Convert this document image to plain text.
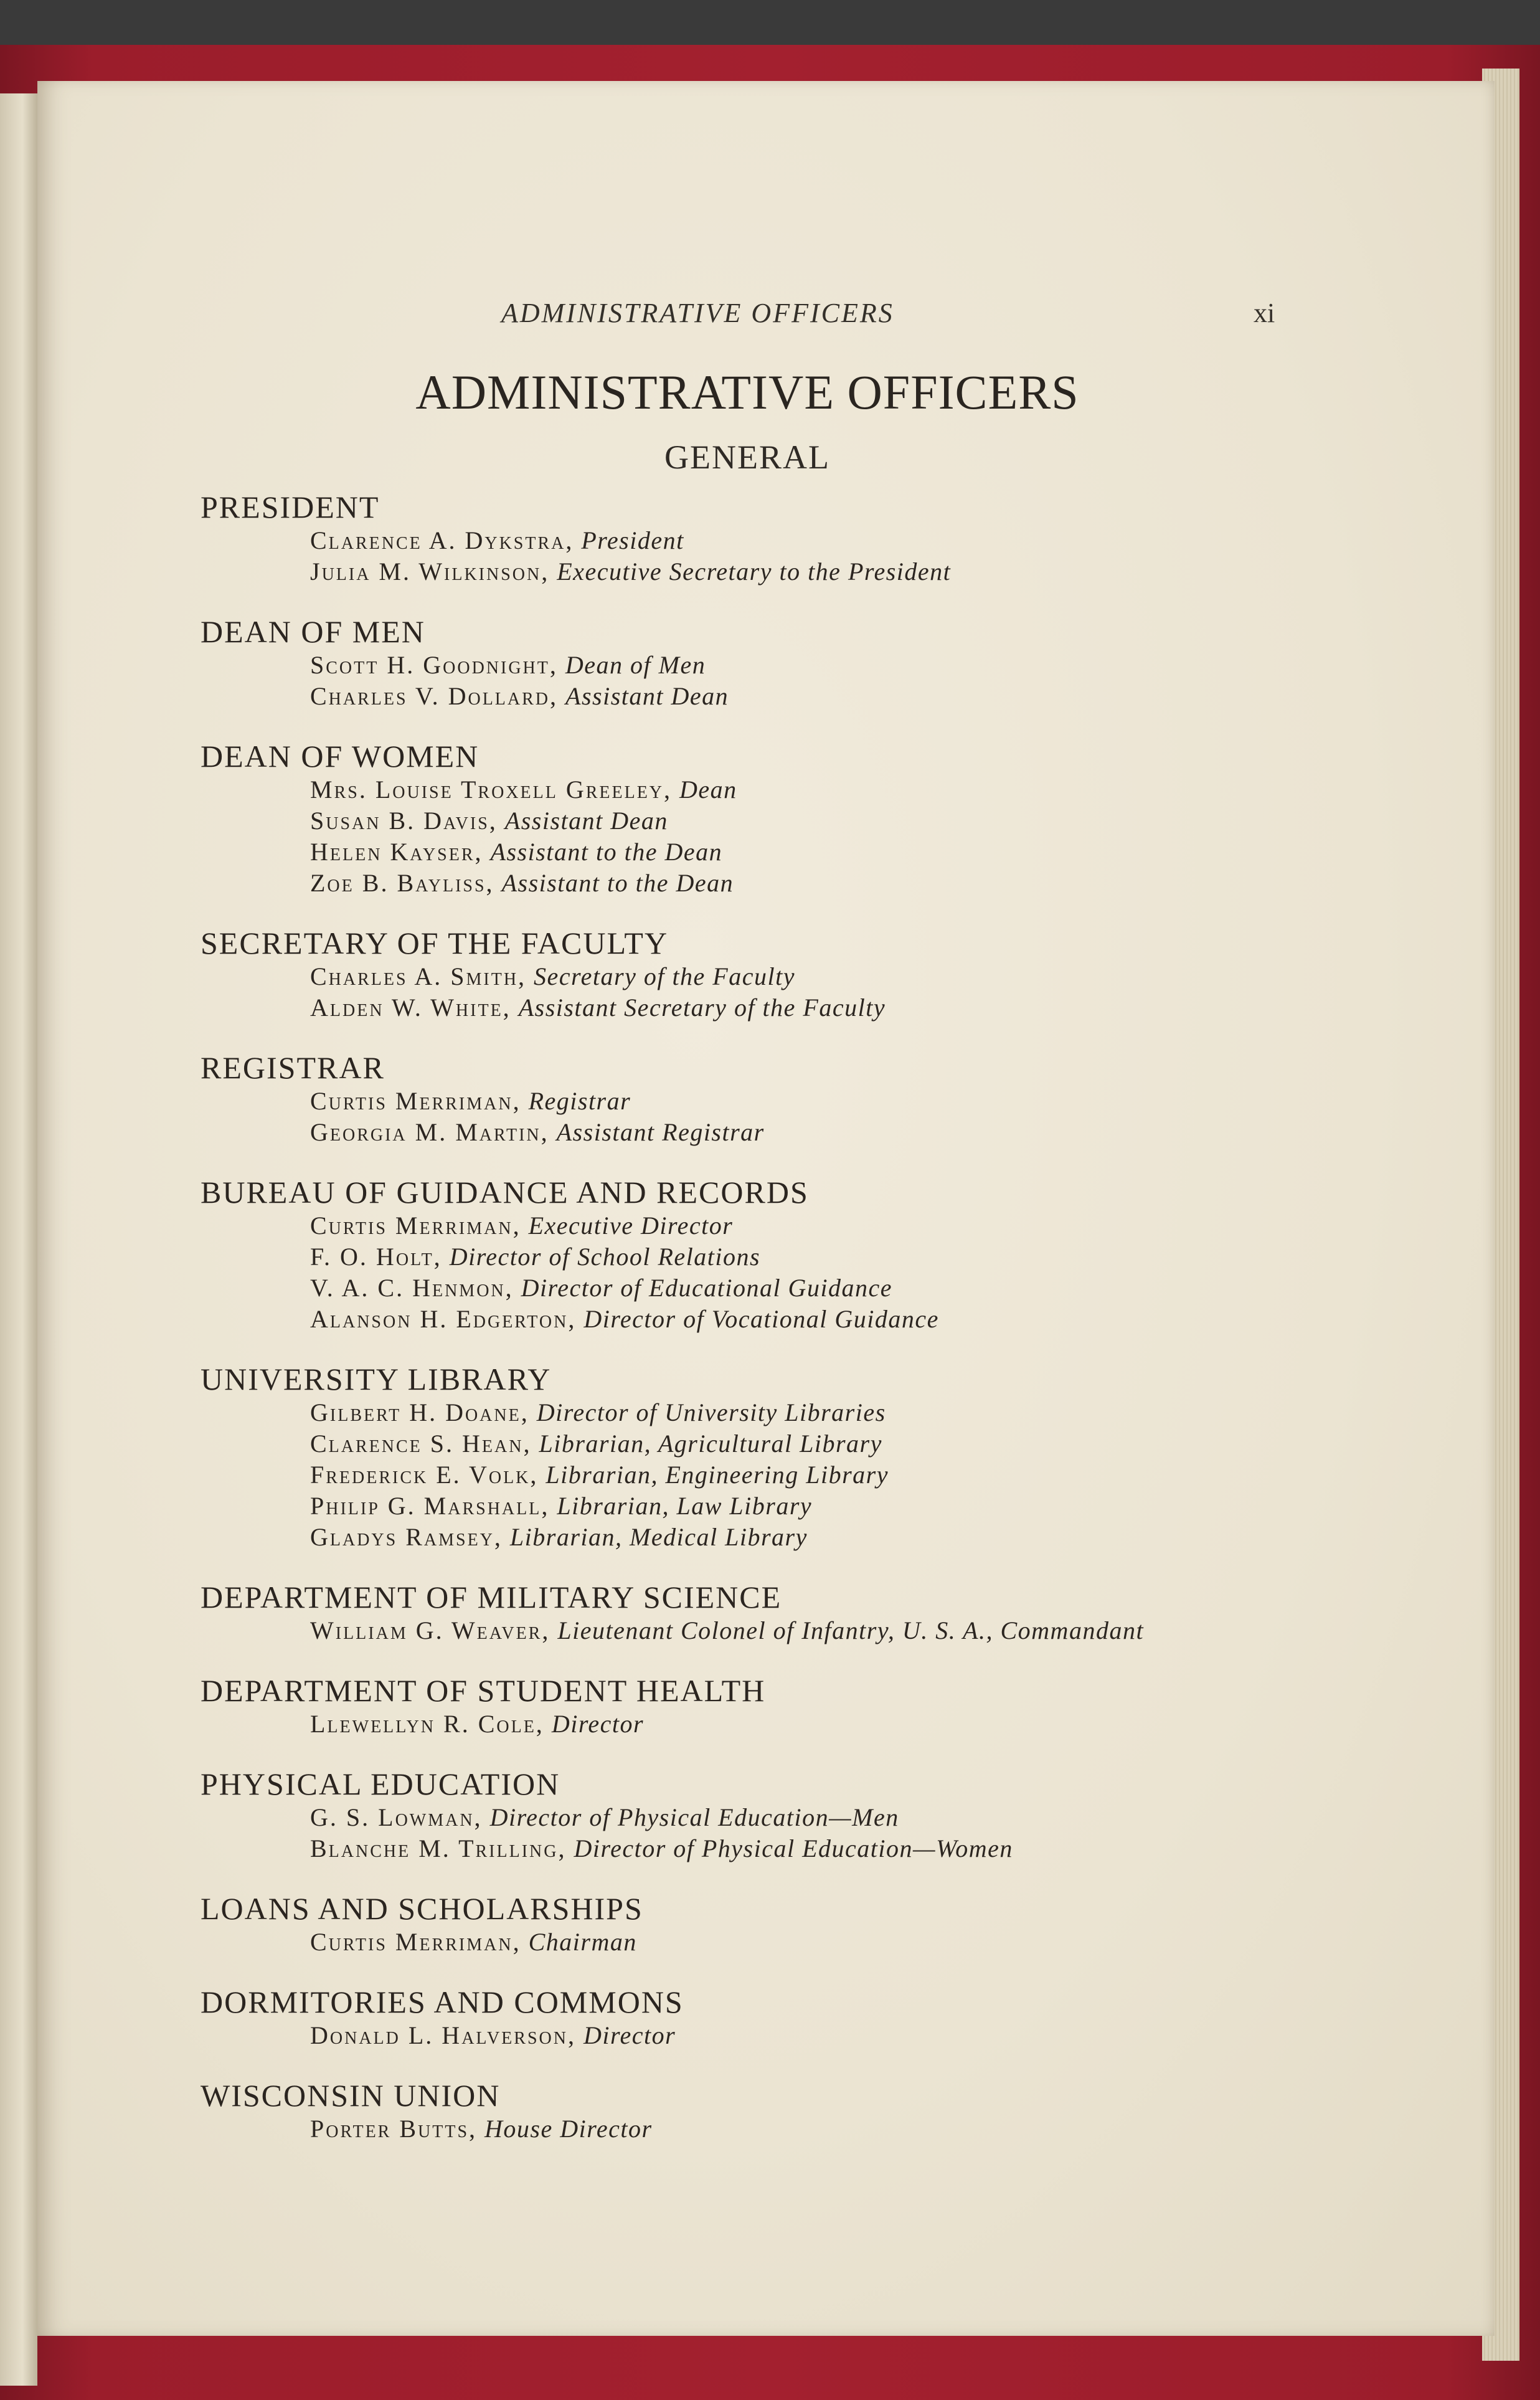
ADMINISTRATIVE OFFICERS	xi
ADMINISTRATIVE OFFICERS
GENERAL
PRESIDENT
Clarence A. Dykstra, President
Julia M. Wilkinson, Executive Secretary to the President
DEAN OF MEN
Scott H. Goodnight, Dean of Men
Charles V. Dollard, Assistant Dean
DEAN OF WOMEN
Mrs. Louise Troxell Greeley, Dean
Susan B. Davis, Assistant Dean
Helen Kayser, Assistant to the Dean
Zoe B. Bayliss, Assistant to the Dean
SECRETARY OF THE FACULTY
Charles A. Smith, Secretary of the Faculty
Alden W. White, Assistant Secretary of the Faculty
REGISTRAR
Curtis Merriman, Registrar
Georgia M. Martin, Assistant Registrar
BUREAU OF GUIDANCE AND RECORDS
Curtis Merriman, Executive Director
F. O. Holt, Director of School Relations
V. A. C. Henmon, Director of Educational Guidance
Alanson H. Edgerton, Director of Vocational Guidance
UNIVERSITY LIBRARY
Gilbert H. Doane, Director of University Libraries
Clarence S. Hean, Librarian, Agricultural Library
Frederick E. Volk, Librarian, Engineering Library
Philip G. Marshall, Librarian, Law Library
Gladys Ramsey, Librarian, Medical Library
DEPARTMENT OF MILITARY SCIENCE
William G. Weaver, Lieutenant Colonel of Infantry, U. S. A., Commandant
DEPARTMENT OF STUDENT HEALTH
Llewellyn R. Cole, Director
PHYSICAL EDUCATION
G. S. Lowman, Director of Physical Education—Men
Blanche M. Trilling, Director of Physical Education—Women
LOANS AND SCHOLARSHIPS
Curtis Merriman, Chairman
DORMITORIES AND COMMONS
Donald L. Halverson, Director
WISCONSIN UNION
Porter Butts, House Director
